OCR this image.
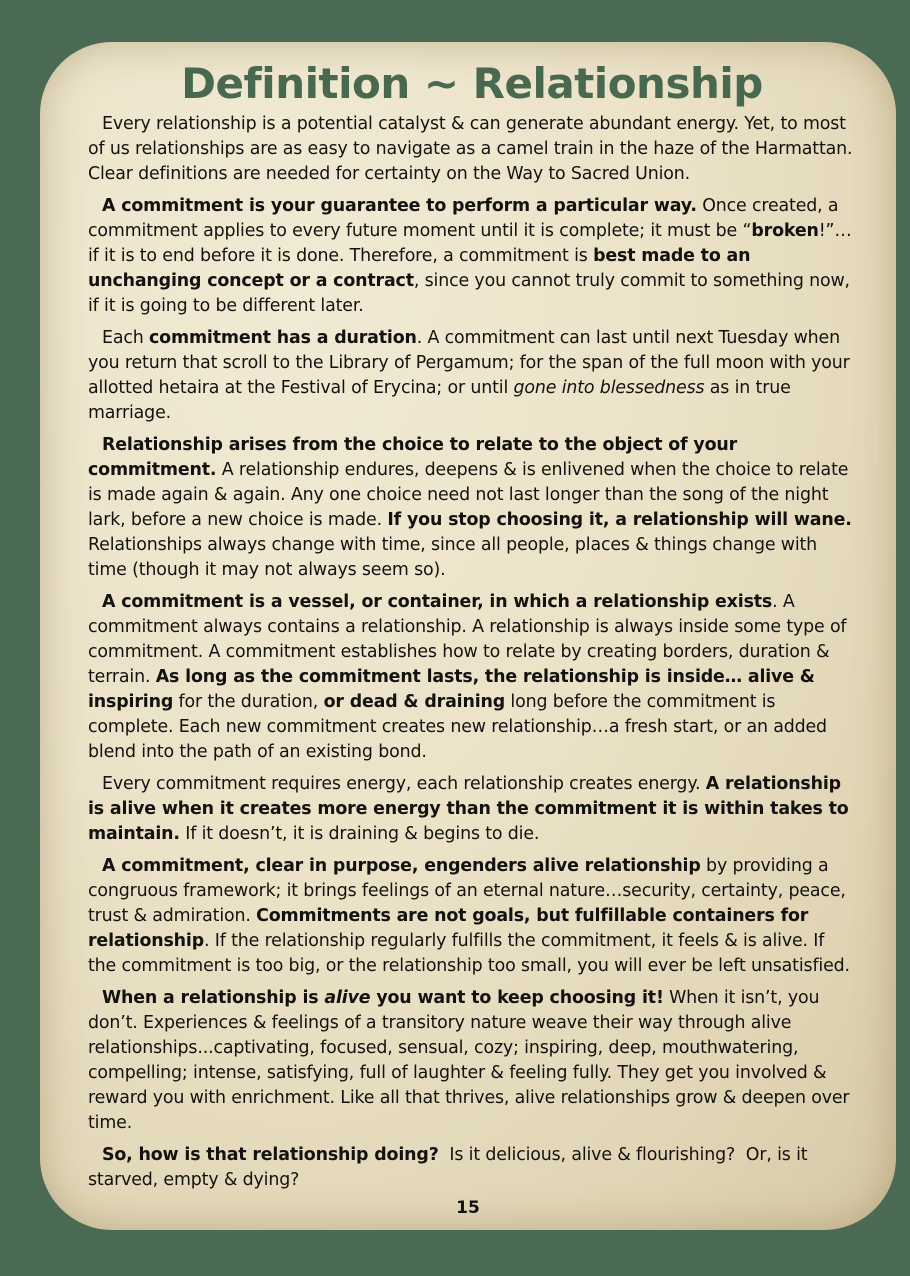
Definition ~ Relationship

Every relationship is a potential catalyst & can generate abundant energy. Yet, to most of us relationships are as easy to navigate as a camel train in the haze of the Harmattan. Clear definitions are needed for certainty on the Way to Sacred Union.

A commitment is your guarantee to perform a particular way. Once created, a commitment applies to every future moment until it is complete; it must be “broken!”…if it is to end before it is done. Therefore, a commitment is best made to an unchanging concept or a contract, since you cannot truly commit to something now, if it is going to be different later.

Each commitment has a duration. A commitment can last until next Tuesday when you return that scroll to the Library of Pergamum; for the span of the full moon with your allotted hetaira at the Festival of Erycina; or until gone into blessedness as in true marriage.

Relationship arises from the choice to relate to the object of your commitment. A relationship endures, deepens & is enlivened when the choice to relate is made again & again. Any one choice need not last longer than the song of the night lark, before a new choice is made. If you stop choosing it, a relationship will wane. Relationships always change with time, since all people, places & things change with time (though it may not always seem so).

A commitment is a vessel, or container, in which a relationship exists. A commitment always contains a relationship. A relationship is always inside some type of commitment. A commitment establishes how to relate by creating borders, duration & terrain. As long as the commitment lasts, the relationship is inside… alive & inspiring for the duration, or dead & draining long before the commitment is complete. Each new commitment creates new relationship…a fresh start, or an added blend into the path of an existing bond.

Every commitment requires energy, each relationship creates energy. A relationship is alive when it creates more energy than the commitment it is within takes to maintain. If it doesn’t, it is draining & begins to die.

A commitment, clear in purpose, engenders alive relationship by providing a congruous framework; it brings feelings of an eternal nature…security, certainty, peace, trust & admiration. Commitments are not goals, but fulfillable containers for relationship. If the relationship regularly fulfills the commitment, it feels & is alive. If the commitment is too big, or the relationship too small, you will ever be left unsatisfied.

When a relationship is alive you want to keep choosing it! When it isn’t, you don’t. Experiences & feelings of a transitory nature weave their way through alive relationships...captivating, focused, sensual, cozy; inspiring, deep, mouthwatering, compelling; intense, satisfying, full of laughter & feeling fully. They get you involved & reward you with enrichment. Like all that thrives, alive relationships grow & deepen over time.

So, how is that relationship doing?  Is it delicious, alive & flourishing?  Or, is it starved, empty & dying?

15
